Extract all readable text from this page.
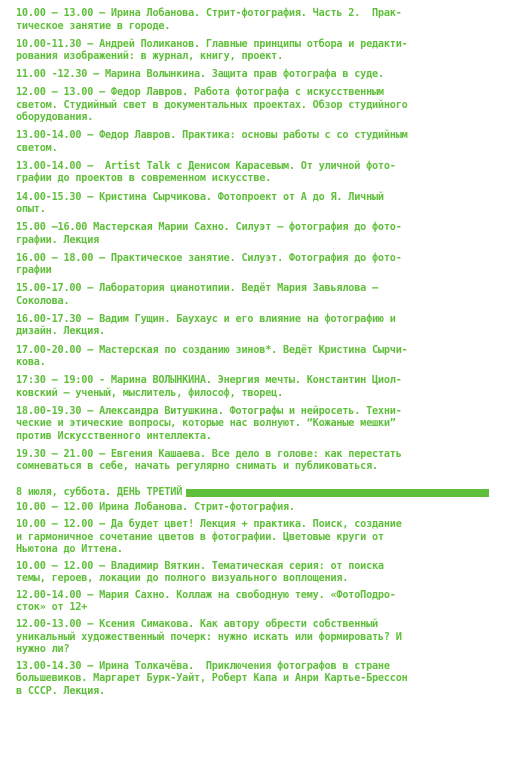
10.00 — 13.00 — Ирина Лобанова. Стрит-фотография. Часть 2.  Прак-
тическое занятие в городе.

10.00-11.30 — Андрей Поликанов. Главные принципы отбора и редакти-
рования изображений: в журнал, книгу, проект.

11.00 -12.30 — Марина Волынкина. Защита прав фотографа в суде.

12.00 — 13.00 — Федор Лавров. Работа фотографа с искусственным
светом. Студийный свет в документальных проектах. Обзор студийного
оборудования.

13.00-14.00 — Федор Лавров. Практика: основы работы с со студийным
светом.

13.00-14.00 —  Artist Talk с Денисом Карасевым. От уличной фото-
графии до проектов в современном искусстве.

14.00-15.30 — Кристина Сырчикова. Фотопроект от А до Я. Личный
опыт.

15.00 —16.00 Мастерская Марии Сахно. Силуэт — фотография до фото-
графии. Лекция

16.00 — 18.00 — Практическое занятие. Силуэт. Фотография до фото-
графии

15.00-17.00 — Лаборатория цианотипии. Ведёт Мария Завьялова —
Соколова.

16.00-17.30 — Вадим Гущин. Баухаус и его влияние на фотографию и
дизайн. Лекция.

17.00-20.00 — Мастерская по созданию зинов*. Ведёт Кристина Сырчи-
кова.

17:30 — 19:00 - Марина ВОЛЫНКИНА. Энергия мечты. Константин Циол-
ковский — ученый, мыслитель, философ, творец.

18.00-19.30 — Александра Витушкина. Фотографы и нейросеть. Техни-
ческие и этические вопросы, которые нас волнуют. “Кожаные мешки”
против Искусственного интеллекта.

19.30 — 21.00 — Евгения Кашаева. Все дело в голове: как перестать
сомневаться в себе, начать регулярно снимать и публиковаться.

8 июля, суббота. ДЕНЬ ТРЕТИЙ

10.00 — 12.00 Ирина Лобанова. Стрит-фотография.

10.00 — 12.00 — Да будет цвет! Лекция + практика. Поиск, создание
и гармоничное сочетание цветов в фотографии. Цветовые круги от
Ньютона до Иттена.

10.00 — 12.00 — Владимир Вяткин. Тематическая серия: от поиска
темы, героев, локации до полного визуального воплощения.

12.00-14.00 — Мария Сахно. Коллаж на свободную тему. «ФотоПодро-
сток» от 12+

12.00-13.00 — Ксения Симакова. Как автору обрести собственный
уникальный художественный почерк: нужно искать или формировать? И
нужно ли?

13.00-14.30 — Ирина Толкачёва.  Приключения фотографов в стране
большевиков. Маргарет Бурк-Уайт, Роберт Капа и Анри Картье-Брессон
в СССР. Лекция.
